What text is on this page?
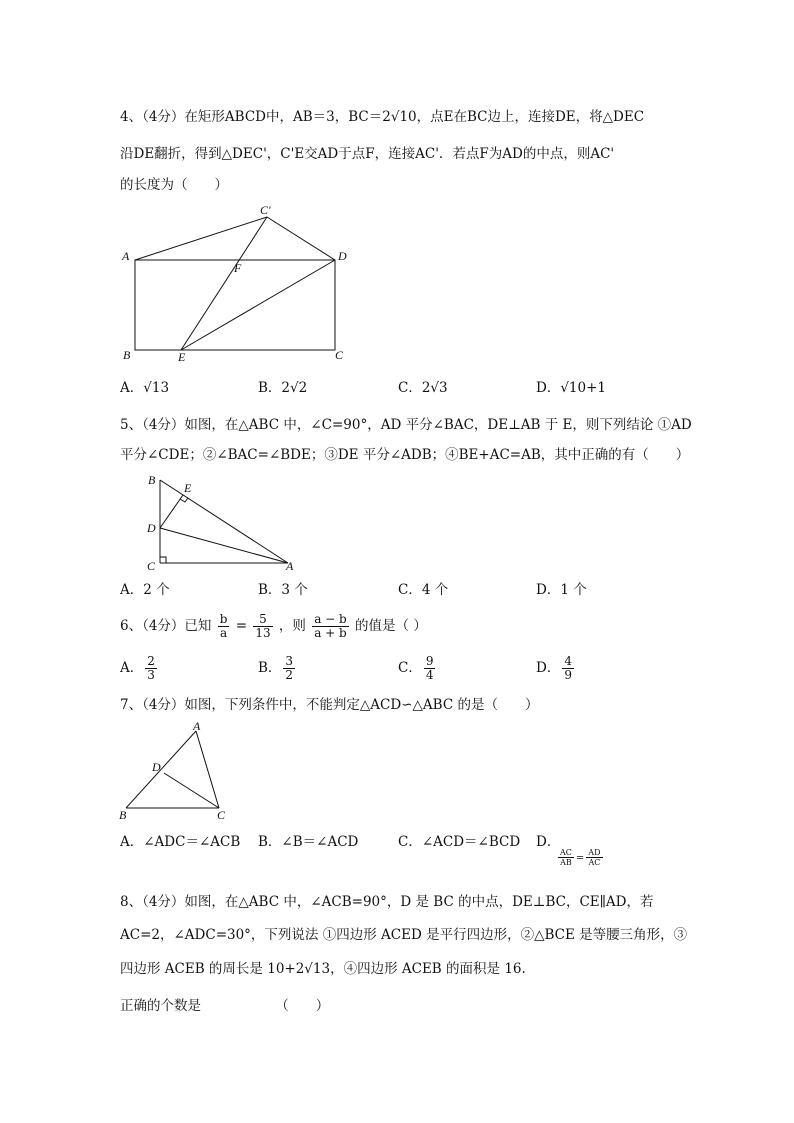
4、（4分）在矩形ABCD中，AB＝3，BC＝2√10，点E在BC边上，连接DE，将△DEC
沿DE翻折，得到△DEC'，C'E交AD于点F，连接AC'．若点F为AD的中点，则AC'
的长度为（　　）
A	D
B	C
E
F
C'
A．√13	B．2√2	C．2√3	D．√10+1
5、（4分）如图，在△ABC 中，∠C=90°，AD 平分∠BAC，DE⊥AB 于 E，则下列结论 ①AD
平分∠CDE；②∠BAC=∠BDE；③DE 平分∠ADB；④BE+AC=AB，其中正确的有（　　）
B
E
D
C	A
A．2 个	B．3 个	C．4 个	D．1 个
6、（4分）已知 $\frac{b}{a} = \frac{5}{13}$ ，则 $\frac{a - b}{a + b}$ 的值是（ ）
A． $\frac{2}{3}$	B． $\frac{3}{2}$	C． $\frac{9}{4}$	D． $\frac{4}{9}$
7、（4分）如图，下列条件中，不能判定△ACD∽△ABC 的是（　　）
A
D
B	C
A．∠ADC＝∠ACB B．∠B＝∠ACD	C．∠ACD＝∠BCD D．
$\frac{AC}{AB} = \frac{AD}{AC}$
8、（4分）如图，在△ABC 中，∠ACB=90°，D 是 BC 的中点，DE⊥BC，CE∥AD，若
AC=2，∠ADC=30°，下列说法 ①四边形 ACED 是平行四边形，②△BCE 是等腰三角形，③
四边形 ACEB 的周长是 10+2√13，④四边形 ACEB 的面积是 16.
正确的个数是　　　　　　（　　）
